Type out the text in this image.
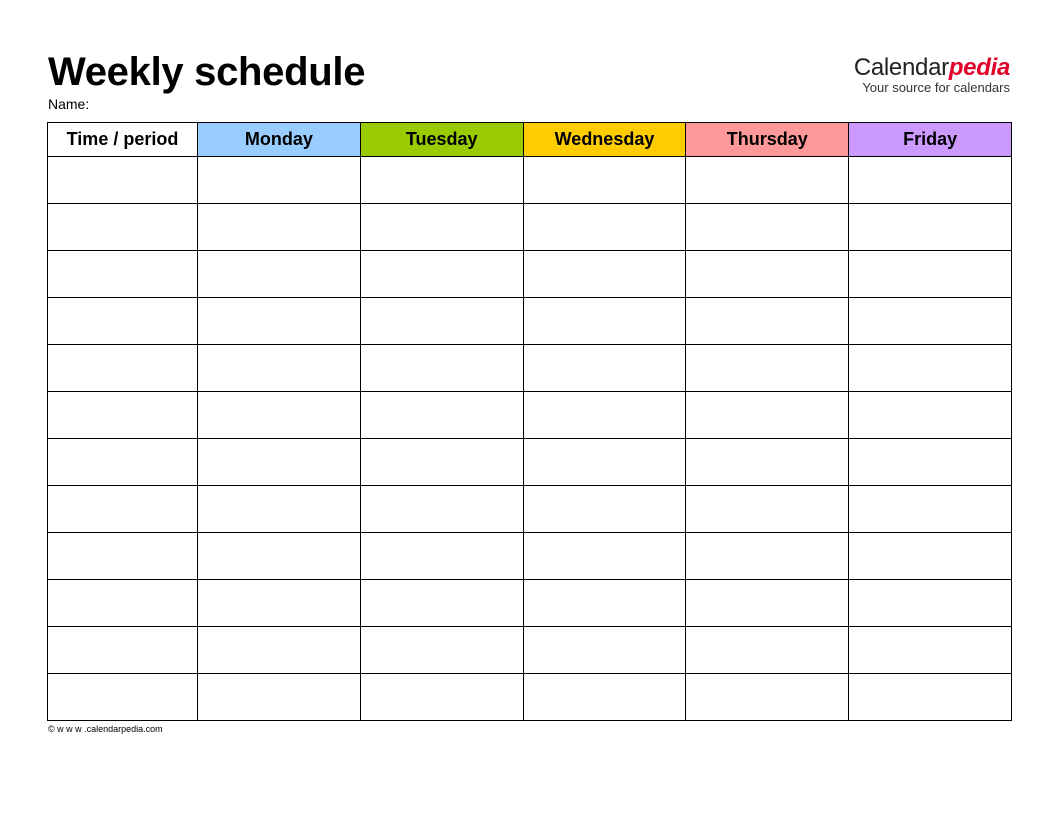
Weekly schedule
Name:
Calendarpedia
Your source for calendars
Time / period	Monday	Tuesday	Wednesday	Thursday	Friday

© w w w .calendarpedia.com
